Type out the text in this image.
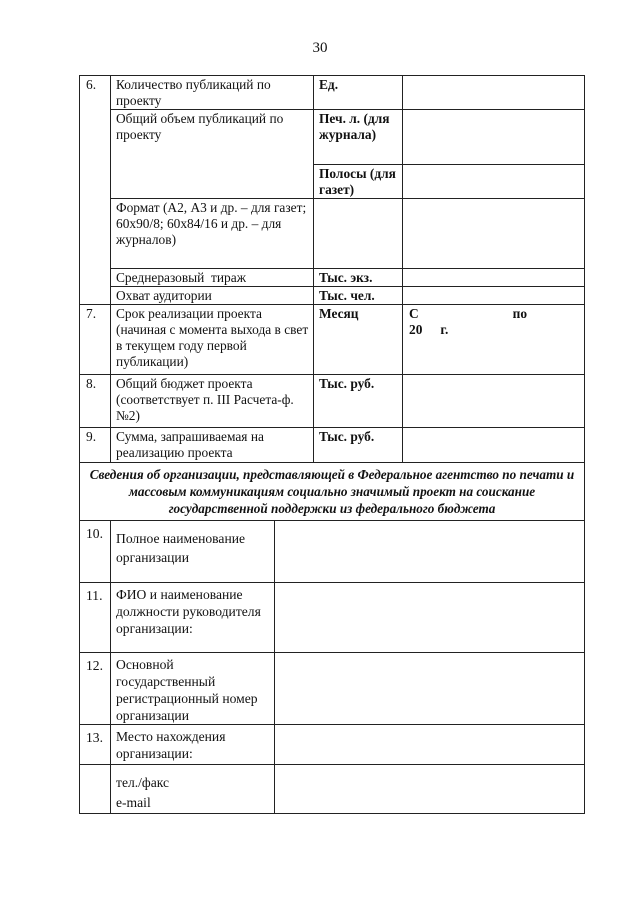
30
6.	Количество публикаций по проекту	Ед.	
	Общий объем публикаций по проекту	Печ. л. (для журнала)	
		Полосы (для газет)	
	Формат (А2, А3 и др. – для газет; 60x90/8; 60x84/16 и др. – для журналов)		
	Среднеразовый  тираж	Тыс. экз.	
	Охват аудитории	Тыс. чел.	
7.	Срок реализации проекта (начиная с момента выхода в свет в текущем году первой публикации)	Месяц	С по
20 г.

8.	Общий бюджет проекта (соответствует п. III Расчета-ф.№2)	Тыс. руб.	
9.	Сумма, запрашиваемая на реализацию проекта	Тыс. руб.	
Сведения об организации, представляющей в Федеральное агентство по печати и массовым коммуникациям социально значимый проект на соискание государственной поддержки из федерального бюджета			
10.	Полное наименование организации	
11.	ФИО и наименование должности руководителя организации:	
12.	Основной государственный регистрационный номер организации	
13.	Место нахождения организации:	

	тел./факс
e-mail	
